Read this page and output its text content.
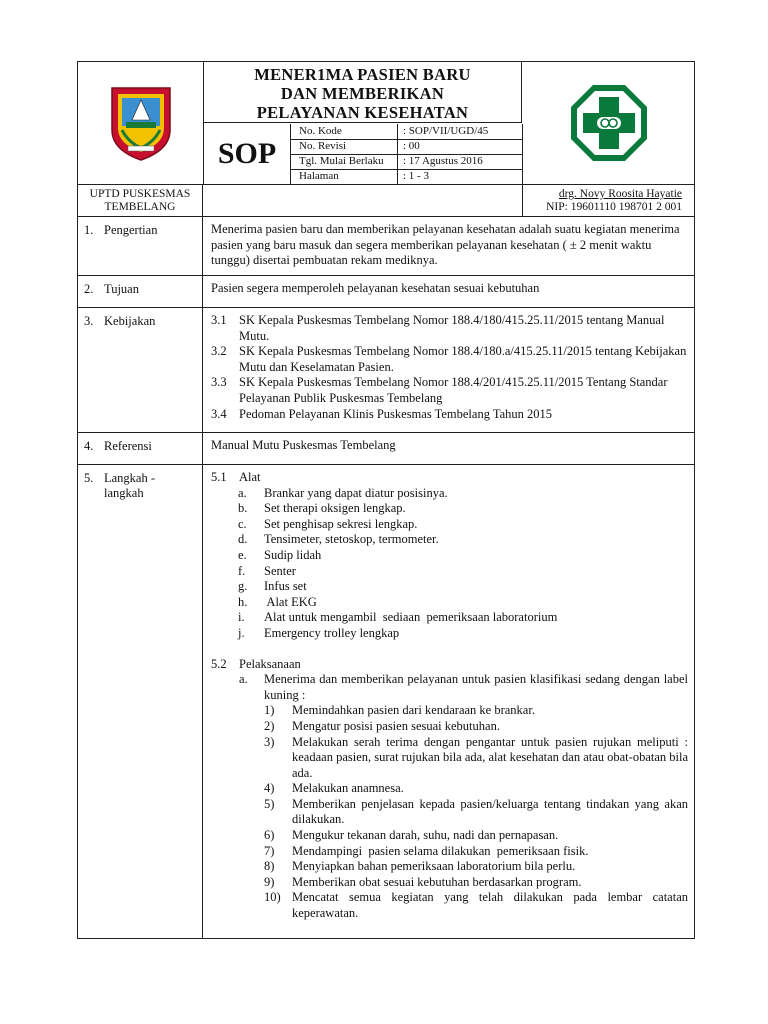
MENER1MA PASIEN BARU
DAN MEMBERIKAN
PELAYANAN KESEHATAN
SOP
No. Kode	: SOP/VII/UGD/45
No. Revisi	: 00
Tgl. Mulai Berlaku : 17 Agustus 2016
Halaman	: 1 - 3
UPTD PUSKESMAS
TEMBELANG
drg. Novy Roosita Hayatie
NIP: 19601110 198701 2 001
1. Pengertian	Menerima pasien baru dan memberikan pelayanan kesehatan adalah suatu kegiatan menerima pasien yang baru masuk dan segera memberikan pelayanan kesehatan ( ± 2 menit waktu tunggu) disertai pembuatan rekam mediknya.
2. Tujuan	Pasien segera memperoleh pelayanan kesehatan sesuai kebutuhan
3. Kebijakan	3.1 SK Kepala Puskesmas Tembelang Nomor 188.4/180/415.25.11/2015 tentang Manual Mutu.
3.2 SK Kepala Puskesmas Tembelang Nomor 188.4/180.a/415.25.11/2015 tentang Kebijakan Mutu dan Keselamatan Pasien.
3.3 SK Kepala Puskesmas Tembelang Nomor 188.4/201/415.25.11/2015 Tentang Standar Pelayanan Publik Puskesmas Tembelang
3.4 Pedoman Pelayanan Klinis Puskesmas Tembelang Tahun 2015
4. Referensi	Manual Mutu Puskesmas Tembelang
5. Langkah -
langkah
5.1 Alat
a.	Brankar yang dapat diatur posisinya.
b.	Set therapi oksigen lengkap.
c.	Set penghisap sekresi lengkap.
d.	Tensimeter, stetoskop, termometer.
e.	Sudip lidah
f.	Senter
g.	Infus set
h.	Alat EKG
i.	Alat untuk mengambil  sediaan  pemeriksaan laboratorium
j.	Emergency trolley lengkap
5.2 Pelaksanaan
a.	Menerima dan memberikan pelayanan untuk pasien klasifikasi sedang dengan label kuning :
1)	Memindahkan pasien dari kendaraan ke brankar.
2)	Mengatur posisi pasien sesuai kebutuhan.
3)	Melakukan serah terima dengan pengantar untuk pasien rujukan meliputi : keadaan pasien, surat rujukan bila ada, alat kesehatan dan atau obat-obatan bila ada.
4)	Melakukan anamnesa.
5)	Memberikan penjelasan kepada pasien/keluarga tentang tindakan yang akan dilakukan.
6)	Mengukur tekanan darah, suhu, nadi dan pernapasan.
7)	Mendampingi  pasien selama dilakukan  pemeriksaan fisik.
8)	Menyiapkan bahan pemeriksaan laboratorium bila perlu.
9)	Memberikan obat sesuai kebutuhan berdasarkan program.
10) Mencatat semua kegiatan yang telah dilakukan pada lembar catatan keperawatan.
